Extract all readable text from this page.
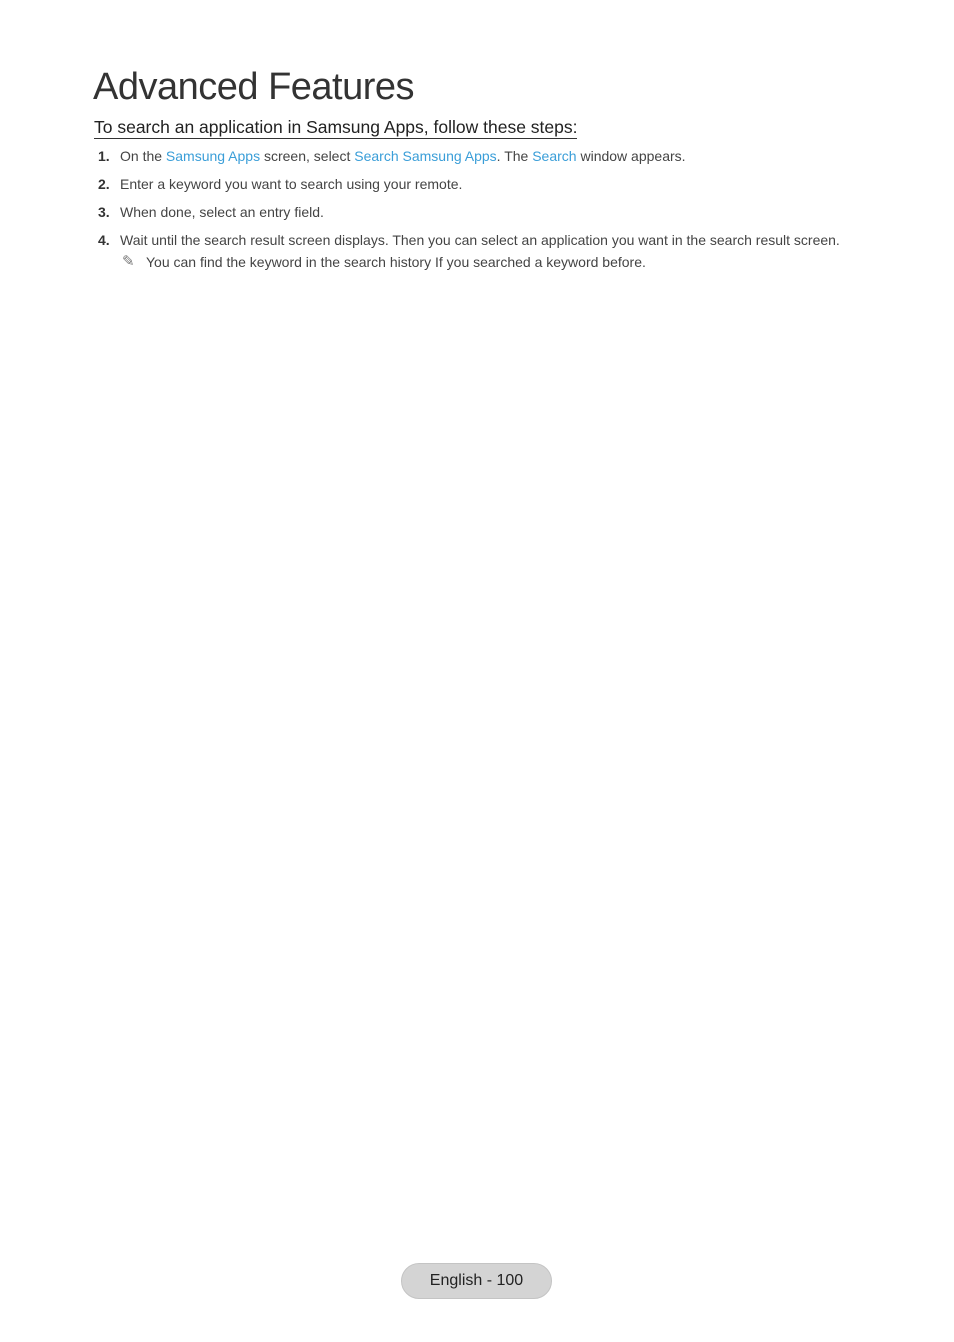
Advanced Features
To search an application in Samsung Apps, follow these steps:
1. On the Samsung Apps screen, select Search Samsung Apps. The Search window appears.
2. Enter a keyword you want to search using your remote.
3. When done, select an entry field.
4. Wait until the search result screen displays. Then you can select an application you want in the search result screen.
✎ You can find the keyword in the search history If you searched a keyword before.
English - 100
